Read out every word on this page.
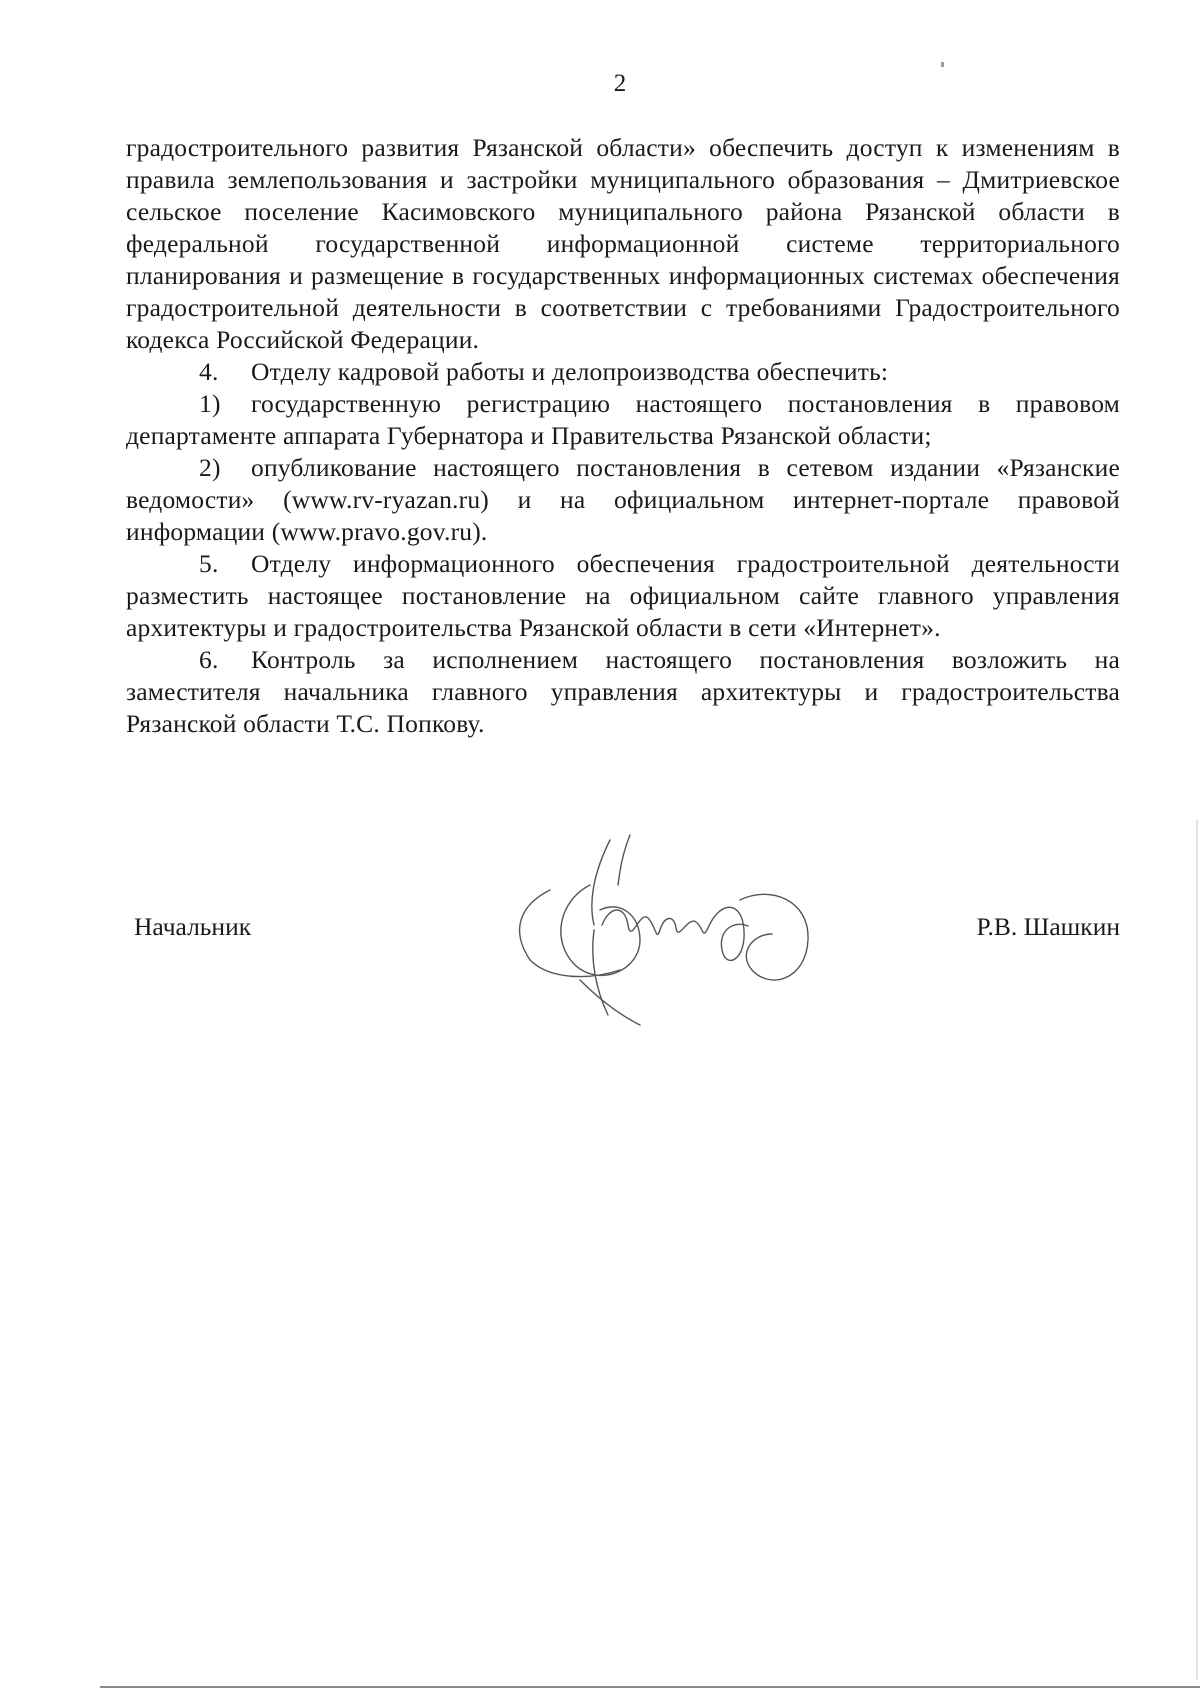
2

градостроительного развития Рязанской области» обеспечить доступ к изменениям в правила землепользования и застройки муниципального образования – Дмитриевское сельское поселение Касимовского муниципального района Рязанской области в федеральной государственной информационной системе территориального планирования и размещение в государственных информационных системах обеспечения градостроительной деятельности в соответствии с требованиями Градостроительного кодекса Российской Федерации.

4. Отделу кадровой работы и делопроизводства обеспечить:

1) государственную регистрацию настоящего постановления в правовом департаменте аппарата Губернатора и Правительства Рязанской области;

2) опубликование настоящего постановления в сетевом издании «Рязанские ведомости» (www.rv-ryazan.ru) и на официальном интернет-портале правовой информации (www.pravo.gov.ru).

5. Отделу информационного обеспечения градостроительной деятельности разместить настоящее постановление на официальном сайте главного управления архитектуры и градостроительства Рязанской области в сети «Интернет».

6. Контроль за исполнением настоящего постановления возложить на заместителя начальника главного управления архитектуры и градостроительства Рязанской области Т.С. Попкову.

Начальник	Р.В. Шашкин
